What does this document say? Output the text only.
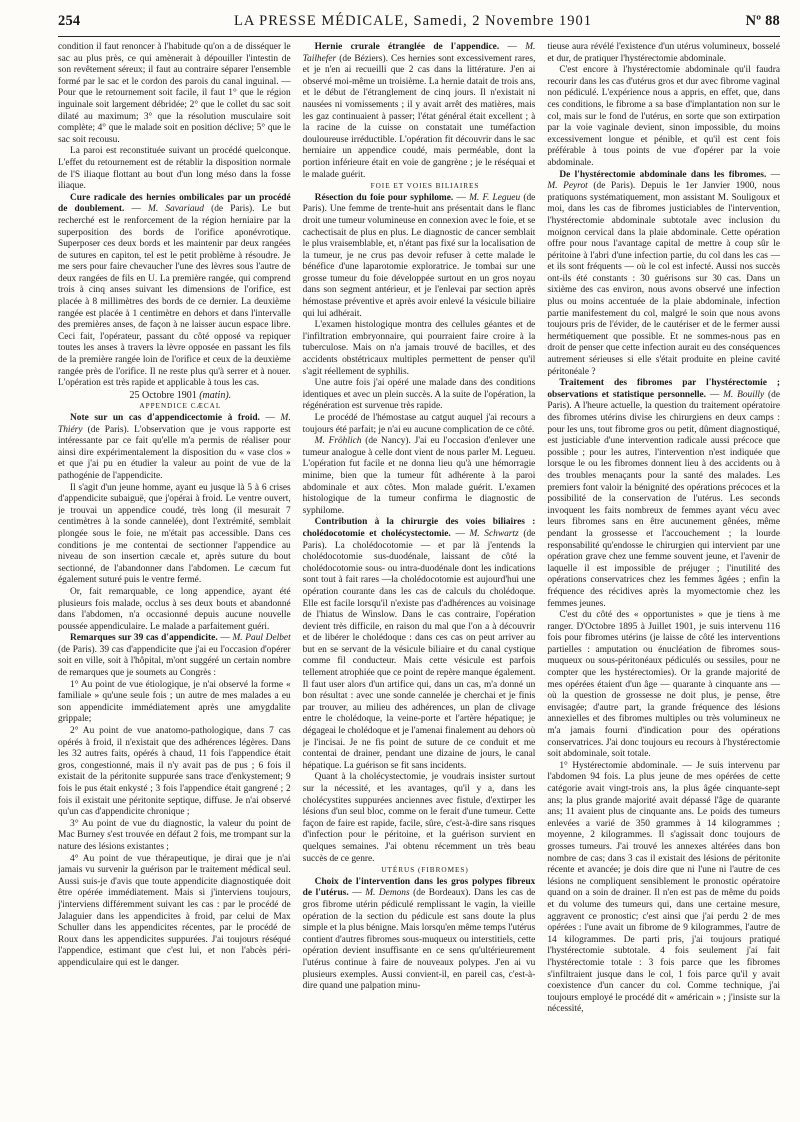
254	LA PRESSE MÉDICALE, Samedi, 2 Novembre 1901	Nº 88

condition il faut renoncer à l'habitude qu'on a de disséquer le sac au plus près, ce qui amènerait à dépouiller l'intestin de son revêtement séreux; il faut au contraire séparer l'ensemble formé par le sac et le cordon des parois du canal inguinal. — Pour que le retournement soit facile, il faut 1° que le région inguinale soit largement débridée; 2° que le collet du sac soit dilaté au maximum; 3° que la résolution musculaire soit complète; 4° que le malade soit en position déclive; 5° que le sac soit recousu.

La paroi est reconstituée suivant un procédé quelconque. L'effet du retournement est de rétablir la disposition normale de l'S iliaque flottant au bout d'un long méso dans la fosse iliaque.

Cure radicale des hernies ombilicales par un procédé de doublement. — M. Savariaud (de Paris). Le but recherché est le renforcement de la région herniaire par la superposition des bords de l'orifice aponévrotique. Superposer ces deux bords et les maintenir par deux rangées de sutures en capiton, tel est le petit problème à résoudre. Je me sers pour faire chevaucher l'une des lèvres sous l'autre de deux rangées de fils en U. La première rangée, qui comprend trois à cinq anses suivant les dimensions de l'orifice, est placée à 8 millimètres des bords de ce dernier. La deuxième rangée est placée à 1 centimètre en dehors et dans l'intervalle des premières anses, de façon à ne laisser aucun espace libre. Ceci fait, l'opérateur, passant du côté opposé va repiquer toutes les anses à travers la lèvre opposée en passant les fils de la première rangée loin de l'orifice et ceux de la deuxième rangée près de l'orifice. Il ne reste plus qu'à serrer et à nouer. L'opération est très rapide et applicable à tous les cas.

25 Octobre 1901 (matin).

APPENDICE CÆCAL

Note sur un cas d'appendicectomie à froid. — M. Thiéry (de Paris). L'observation que je vous rapporte est intéressante par ce fait qu'elle m'a permis de réaliser pour ainsi dire expérimentalement la disposition du « vase clos » et que j'ai pu en étudier la valeur au point de vue de la pathogénie de l'appendicite.

Il s'agit d'un jeune homme, ayant eu jusque là 5 à 6 crises d'appendicite subaiguë, que j'opérai à froid. Le ventre ouvert, je trouvai un appendice coudé, très long (il mesurait 7 centimètres à la sonde cannelée), dont l'extrémité, semblait plongée sous le foie, ne m'était pas accessible. Dans ces conditions je me contentai de sectionner l'appendice au niveau de son insertion cæcale et, après suture du bout sectionné, de l'abandonner dans l'abdomen. Le cæcum fut également suturé puis le ventre fermé.

Or, fait remarquable, ce long appendice, ayant été plusieurs fois malade, occlus à ses deux bouts et abandonné dans l'abdomen, n'a occasionné depuis aucune nouvelle poussée appendiculaire. Le malade a parfaitement guéri.

Remarques sur 39 cas d'appendicite. — M. Paul Delbet (de Paris). 39 cas d'appendicite que j'ai eu l'occasion d'opérer soit en ville, soit à l'hôpital, m'ont suggéré un certain nombre de remarques que je soumets au Congrès :

1° Au point de vue étiologique, je n'ai observé la forme « familiale » qu'une seule fois ; un autre de mes malades a eu son appendicite immédiatement après une amygdalite grippale;

2° Au point de vue anatomo-pathologique, dans 7 cas opérés à froid, il n'existait que des adhérences légères. Dans les 32 autres faits, opérés à chaud, 11 fois l'appendice était gros, congestionné, mais il n'y avait pas de pus ; 6 fois il existait de la péritonite suppurée sans trace d'enkystement; 9 fois le pus était enkysté ; 3 fois l'appendice était gangrené ; 2 fois il existait une péritonite septique, diffuse. Je n'ai observé qu'un cas d'appendicite chronique ;

3° Au point de vue du diagnostic, la valeur du point de Mac Burney s'est trouvée en défaut 2 fois, me trompant sur la nature des lésions existantes ;

4° Au point de vue thérapeutique, je dirai que je n'ai jamais vu survenir la guérison par le traitement médical seul. Aussi suis-je d'avis que toute appendicite diagnostiquée doit être opérée immédiatement. Mais si j'interviens toujours, j'interviens différemment suivant les cas : par le procédé de Jalaguier dans les appendicites à froid, par celui de Max Schuller dans les appendicites récentes, par le procédé de Roux dans les appendicites suppurées. J'ai toujours réséqué l'appendice, estimant que c'est lui, et non l'abcès péri-appendiculaire qui est le danger.

Hernie crurale étranglée de l'appendice. — M. Tailhefer (de Béziers). Ces hernies sont excessivement rares, et je n'en ai recueilli que 2 cas dans la littérature. J'en ai observé moi-même un troisième. La hernie datait de trois ans, et le début de l'étranglement de cinq jours. Il n'existait ni nausées ni vomissements ; il y avait arrêt des matières, mais les gaz continuaient à passer; l'état général était excellent ; à la racine de la cuisse on constatait une tuméfaction douloureuse irréductible. L'opération fit découvrir dans le sac herniaire un appendice coudé, mais perméable, dont la portion inférieure était en voie de gangrène ; je le réséquai et le malade guérit.

FOIE ET VOIES BILIAIRES

Résection du foie pour syphilome. — M. F. Legueu (de Paris). Une femme de trente-huit ans présentait dans le flanc droit une tumeur volumineuse en connexion avec le foie, et se cachectisait de plus en plus. Le diagnostic de cancer semblait le plus vraisemblable, et, n'étant pas fixé sur la localisation de la tumeur, je ne crus pas devoir refuser à cette malade le bénéfice d'une laparotomie exploratrice. Je tombai sur une grosse tumeur du foie développée surtout en un gros noyau dans son segment antérieur, et je l'enlevai par section après hémostase préventive et après avoir enlevé la vésicule biliaire qui lui adhérait.

L'examen histologique montra des cellules géantes et de l'infiltration embryonnaire, qui pourraient faire croire à la tuberculose. Mais on n'a jamais trouvé de bacilles, et des accidents obstétricaux multiples permettent de penser qu'il s'agit réellement de syphilis.

Une autre fois j'ai opéré une malade dans des conditions identiques et avec un plein succès. A la suite de l'opération, la régénération est survenue très rapide.

Le procédé de l'hémostase au catgut auquel j'ai recours a toujours été parfait; je n'ai eu aucune complication de ce côté.

M. Fröhlich (de Nancy). J'ai eu l'occasion d'enlever une tumeur analogue à celle dont vient de nous parler M. Legueu. L'opération fut facile et ne donna lieu qu'à une hémorragie minime, bien que la tumeur fût adhérente à la paroi abdominale et aux côtes. Mon malade guérit. L'examen histologique de la tumeur confirma le diagnostic de syphilome.

Contribution à la chirurgie des voies biliaires : cholédocotomie et cholécystectomie. — M. Schwartz (de Paris). La cholédocotomie — et par là j'entends la cholédocotomie sus-duodénale, laissant de côté la cholédocotomie sous- ou intra-duodénale dont les indications sont tout à fait rares —la cholédocotomie est aujourd'hui une opération courante dans les cas de calculs du cholédoque. Elle est facile lorsqu'il n'existe pas d'adhérences au voisinage de l'hiatus de Winslow. Dans le cas contraire, l'opération devient très difficile, en raison du mal que l'on a à découvrir et de libérer le cholédoque : dans ces cas on peut arriver au but en se servant de la vésicule biliaire et du canal cystique comme fil conducteur. Mais cette vésicule est parfois tellement atrophiée que ce point de repère manque également. Il faut user alors d'un artifice qui, dans un cas, m'a donné un bon résultat : avec une sonde cannelée je cherchai et je finis par trouver, au milieu des adhérences, un plan de clivage entre le cholédoque, la veine-porte et l'artère hépatique; je dégageai le cholédoque et je l'amenai finalement au dehors où je l'incisai. Je ne fis point de suture de ce conduit et me contentai de drainer, pendant une dizaine de jours, le canal hépatique. La guérison se fit sans incidents.

Quant à la cholécystectomie, je voudrais insister surtout sur la nécessité, et les avantages, qu'il y a, dans les cholécystites suppurées anciennes avec fistule, d'extirper les lésions d'un seul bloc, comme on le ferait d'une tumeur. Cette façon de faire est rapide, facile, sûre, c'est-à-dire sans risques d'infection pour le péritoine, et la guérison survient en quelques semaines. J'ai obtenu récemment un très beau succès de ce genre.

UTÉRUS (FIBROMES)

Choix de l'intervention dans les gros polypes fibreux de l'utérus. — M. Demons (de Bordeaux). Dans les cas de gros fibrome utérin pédiculé remplissant le vagin, la vieille opération de la section du pédicule est sans doute la plus simple et la plus bénigne. Mais lorsqu'en même temps l'utérus contient d'autres fibromes sous-muqueux ou interstitiels, cette opération devient insuffisante en ce sens qu'ultérieurement l'utérus continue à faire de nouveaux polypes. J'en ai vu plusieurs exemples. Aussi convient-il, en pareil cas, c'est-à-dire quand une palpation minu-

tieuse aura révélé l'existence d'un utérus volumineux, bosselé et dur, de pratiquer l'hystérectomie abdominale.

C'est encore à l'hystérectomie abdominale qu'il faudra recourir dans les cas d'utérus gros et dur avec fibrome vaginal non pédiculé. L'expérience nous a appris, en effet, que, dans ces conditions, le fibrome a sa base d'implantation non sur le col, mais sur le fond de l'utérus, en sorte que son extirpation par la voie vaginale devient, sinon impossible, du moins excessivement longue et pénible, et qu'il est cent fois préférable à tous points de vue d'opérer par la voie abdominale.

De l'hystérectomie abdominale dans les fibromes. — M. Peyrot (de Paris). Depuis le 1er Janvier 1900, nous pratiquons systématiquement, mon assistant M. Souligoux et moi, dans les cas de fibromes justiciables de l'intervention, l'hystérectomie abdominale subtotale avec inclusion du moignon cervical dans la plaie abdominale. Cette opération offre pour nous l'avantage capital de mettre à coup sûr le péritoine à l'abri d'une infection partie, du col dans les cas — et ils sont fréquents — où le col est infecté. Aussi nos succès ont-ils été constants : 30 guérisons sur 30 cas. Dans un sixième des cas environ, nous avons observé une infection plus ou moins accentuée de la plaie abdominale, infection partie manifestement du col, malgré le soin que nous avons toujours pris de l'évider, de le cautériser et de le fermer aussi hermétiquement que possible. Et ne sommes-nous pas en droit de penser que cette infection aurait eu des conséquences autrement sérieuses si elle s'était produite en pleine cavité péritonéale ?

Traitement des fibromes par l'hystérectomie ; observations et statistique personnelle. — M. Bouilly (de Paris). A l'heure actuelle, la question du traitement opératoire des fibromes utérins divise les chirurgiens en deux camps : pour les uns, tout fibrome gros ou petit, dûment diagnostiqué, est justiciable d'une intervention radicale aussi précoce que possible ; pour les autres, l'intervention n'est indiquée que lorsque le ou les fibromes donnent lieu à des accidents ou à des troubles menaçants pour la santé des malades. Les premiers font valoir la bénignité des opérations précoces et la possibilité de la conservation de l'utérus. Les seconds invoquent les faits nombreux de femmes ayant vécu avec leurs fibromes sans en être aucunement gênées, même pendant la grossesse et l'accouchement ; la lourde responsabilité qu'endosse le chirurgien qui intervient par une opération grave chez une femme souvent jeune, et l'avenir de laquelle il est impossible de préjuger ; l'inutilité des opérations conservatrices chez les femmes âgées ; enfin la fréquence des récidives après la myomectomie chez les femmes jeunes.

C'est du côté des « opportunistes » que je tiens à me ranger. D'Octobre 1895 à Juillet 1901, je suis intervenu 116 fois pour fibromes utérins (je laisse de côté les interventions partielles : amputation ou énucléation de fibromes sous-muqueux ou sous-péritonéaux pédiculés ou sessiles, pour ne compter que les hystérectomies). Or la grande majorité de mes opérées étaient d'un âge — quarante à cinquante ans — où la question de grossesse ne doit plus, je pense, être envisagée; d'autre part, la grande fréquence des lésions annexielles et des fibromes multiples ou très volumineux ne m'a jamais fourni d'indication pour des opérations conservatrices. J'ai donc toujours eu recours à l'hystérectomie soit abdominale, soit totale.

1° Hystérectomie abdominale. — Je suis intervenu par l'abdomen 94 fois. La plus jeune de mes opérées de cette catégorie avait vingt-trois ans, la plus âgée cinquante-sept ans; la plus grande majorité avait dépassé l'âge de quarante ans; 11 avaient plus de cinquante ans. Le poids des tumeurs enlevées a varié de 350 grammes à 14 kilogrammes ; moyenne, 2 kilogrammes. Il s'agissait donc toujours de grosses tumeurs. J'ai trouvé les annexes altérées dans bon nombre de cas; dans 3 cas il existait des lésions de péritonite récente et avancée; je dois dire que ni l'une ni l'autre de ces lésions ne compliquent sensiblement le pronostic opératoire quand on a soin de drainer. Il n'en est pas de même du poids et du volume des tumeurs qui, dans une certaine mesure, aggravent ce pronostic; c'est ainsi que j'ai perdu 2 de mes opérées : l'une avait un fibrome de 9 kilogrammes, l'autre de 14 kilogrammes. De parti pris, j'ai toujours pratiqué l'hystérectomie subtotale. 4 fois seulement j'ai fait l'hystérectomie totale : 3 fois parce que les fibromes s'infiltraient jusque dans le col, 1 fois parce qu'il y avait coexistence d'un cancer du col. Comme technique, j'ai toujours employé le procédé dit « américain » ; j'insiste sur la nécessité,
